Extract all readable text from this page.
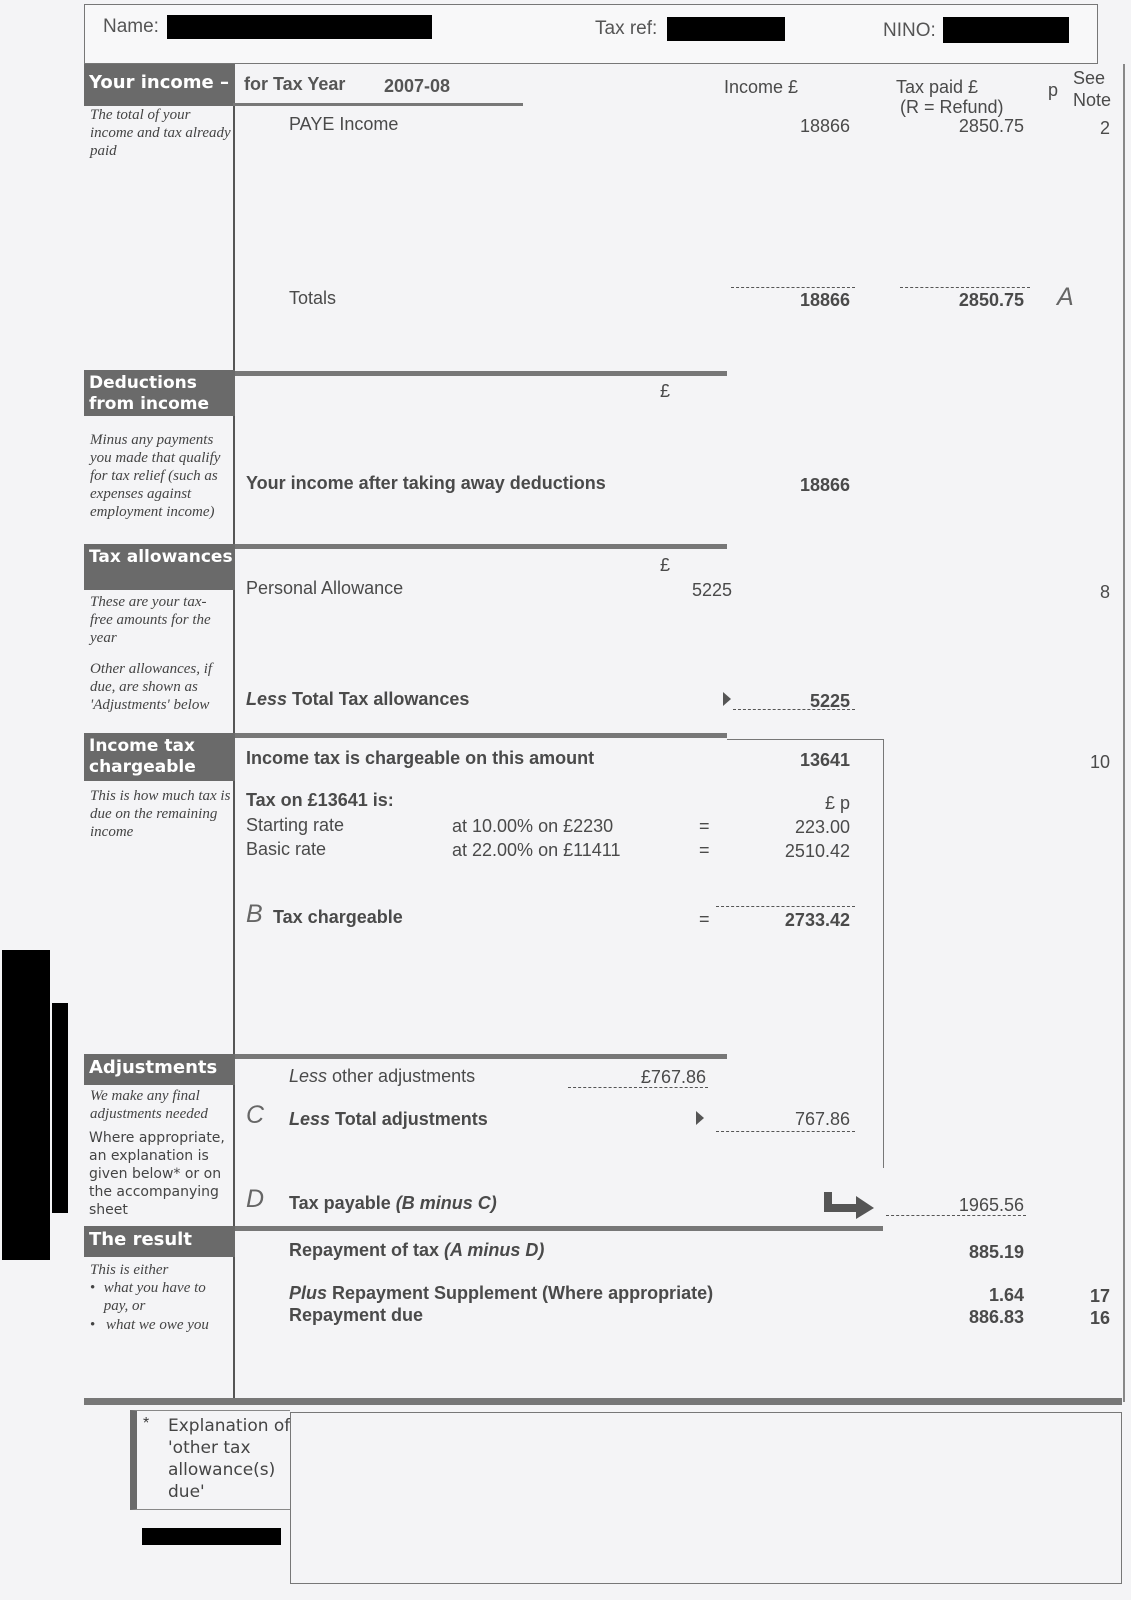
Name:	Tax ref:	NINO:
Your income –
The total of your income and tax already paid
for Tax Year 2007-08	Income £	Tax paid £
(R = Refund)
p
See
Note
PAYE Income	18866	2850.75	2
Totals	18866	2850.75 A
Deductions from income
Minus any payments you made that qualify for tax relief (such as expenses against employment income)
£
Your income after taking away deductions	18866
Tax allowances
These are your tax-free amounts for the year
Other allowances, if due, are shown as 'Adjustments' below
£
Personal Allowance	5225	8
Less Total Tax allowances	5225
Income tax chargeable
This is how much tax is due on the remaining income
Income tax is chargeable on this amount	13641	10
Tax on £13641 is:	£ p
Starting rate	at 10.00% on £2230	=	223.00
Basic rate	at 22.00% on £11411	=	2510.42
B Tax chargeable	=	2733.42
Adjustments
We make any final adjustments needed
Where appropriate, an explanation is given below* or on the accompanying sheet
Less other adjustments	£767.86
C Less Total adjustments	767.86
D Tax payable (B minus C)	1965.56
The result
This is either
• what you have to pay, or
• what we owe you
Repayment of tax (A minus D)	885.19
Plus Repayment Supplement (Where appropriate)	1.64	17
Repayment due	886.83	16
* Explanation of 'other tax allowance(s) due'
